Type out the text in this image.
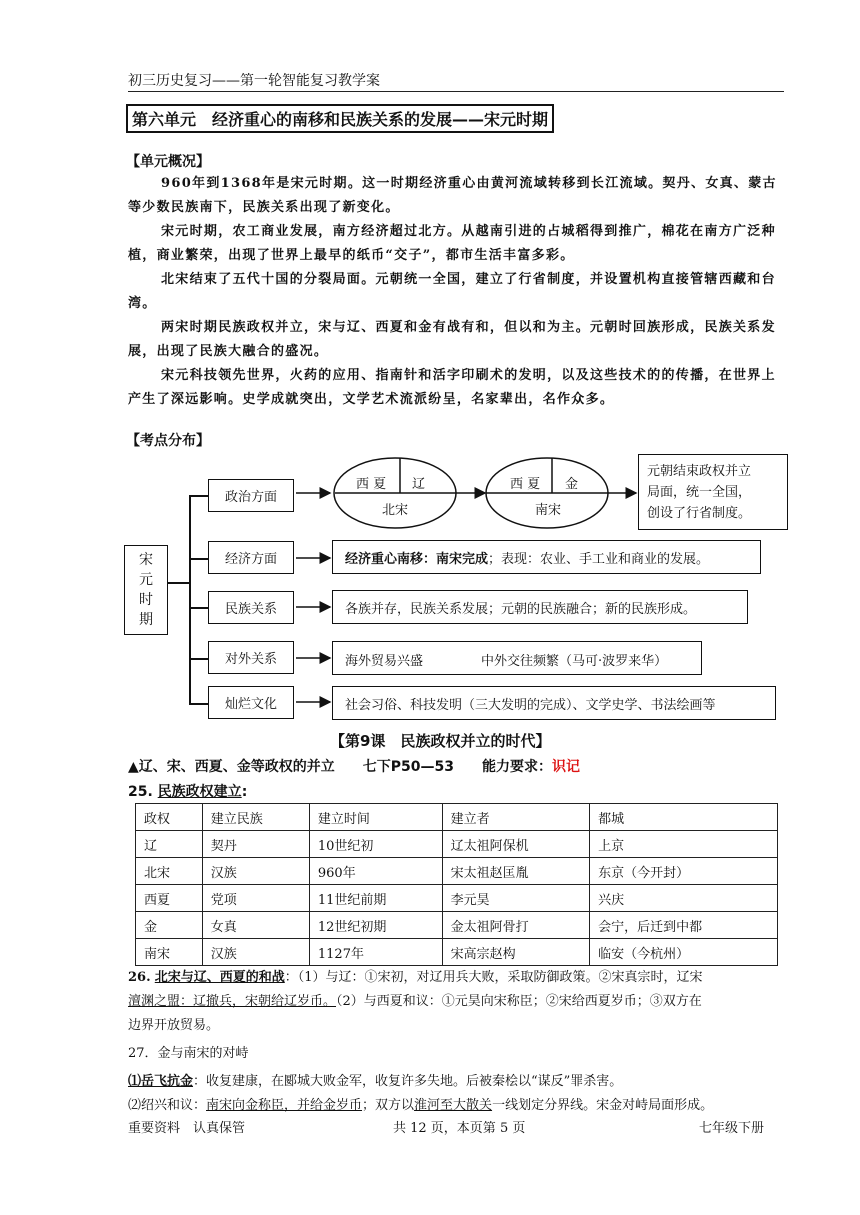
初三历史复习——第一轮智能复习教学案
第六单元　经济重心的南移和民族关系的发展——宋元时期
【单元概况】
960年到1368年是宋元时期。这一时期经济重心由黄河流域转移到长江流域。契丹、女真、蒙古等少数民族南下，民族关系出现了新变化。
宋元时期，农工商业发展，南方经济超过北方。从越南引进的占城稻得到推广，棉花在南方广泛种植，商业繁荣，出现了世界上最早的纸币“交子”，都市生活丰富多彩。
北宋结束了五代十国的分裂局面。元朝统一全国，建立了行省制度，并设置机构直接管辖西藏和台湾。
两宋时期民族政权并立，宋与辽、西夏和金有战有和，但以和为主。元朝时回族形成，民族关系发展，出现了民族大融合的盛况。
宋元科技领先世界，火药的应用、指南针和活字印刷术的发明，以及这些技术的的传播，在世界上产生了深远影响。史学成就突出，文学艺术流派纷呈，名家辈出，名作众多。
【考点分布】
宋
元
时
期
政治方面
经济方面
民族关系
对外关系
灿烂文化
西 夏 辽
北宋
西 夏 金
南宋
元朝结束政权并立
局面，统一全国，
创设了行省制度。
经济重心南移：南宋完成 ；表现：农业、手工业和商业的发展。
各族并存，民族关系发展；元朝的民族融合；新的民族形成。
海外贸易兴盛	中外交往频繁（马可·波罗来华）
社会习俗、科技发明（三大发明的完成）、文学史学、书法绘画等
【第9课　民族政权并立的时代】
▲辽、宋、西夏、金等政权的并立　　七下P50—53　　能力要求：识记
25. 民族政权建立:
政权	建立民族	建立时间	建立者	都城
辽	契丹	10世纪初	辽太祖阿保机	上京
北宋	汉族	960年	宋太祖赵匡胤	东京（今开封）
西夏	党项	11世纪前期	李元昊	兴庆
金	女真	12世纪初期	金太祖阿骨打	会宁，后迁到中都
南宋	汉族	1127年	宋高宗赵构	临安（今杭州）
26. 北宋与辽、西夏的和战：（1）与辽：①宋初，对辽用兵大败，采取防御政策。②宋真宗时，辽宋
澶渊之盟：辽撤兵，宋朝给辽岁币。（2）与西夏和议：①元昊向宋称臣；②宋给西夏岁币；③双方在
边界开放贸易。
27．金与南宋的对峙
⑴岳飞抗金：收复建康，在郾城大败金军，收复许多失地。后被秦桧以“谋反”罪杀害。
⑵绍兴和议：南宋向金称臣，并给金岁币；双方以淮河至大散关一线划定分界线。宋金对峙局面形成。
重要资料　认真保管	共 12 页，本页第 5 页	七年级下册
